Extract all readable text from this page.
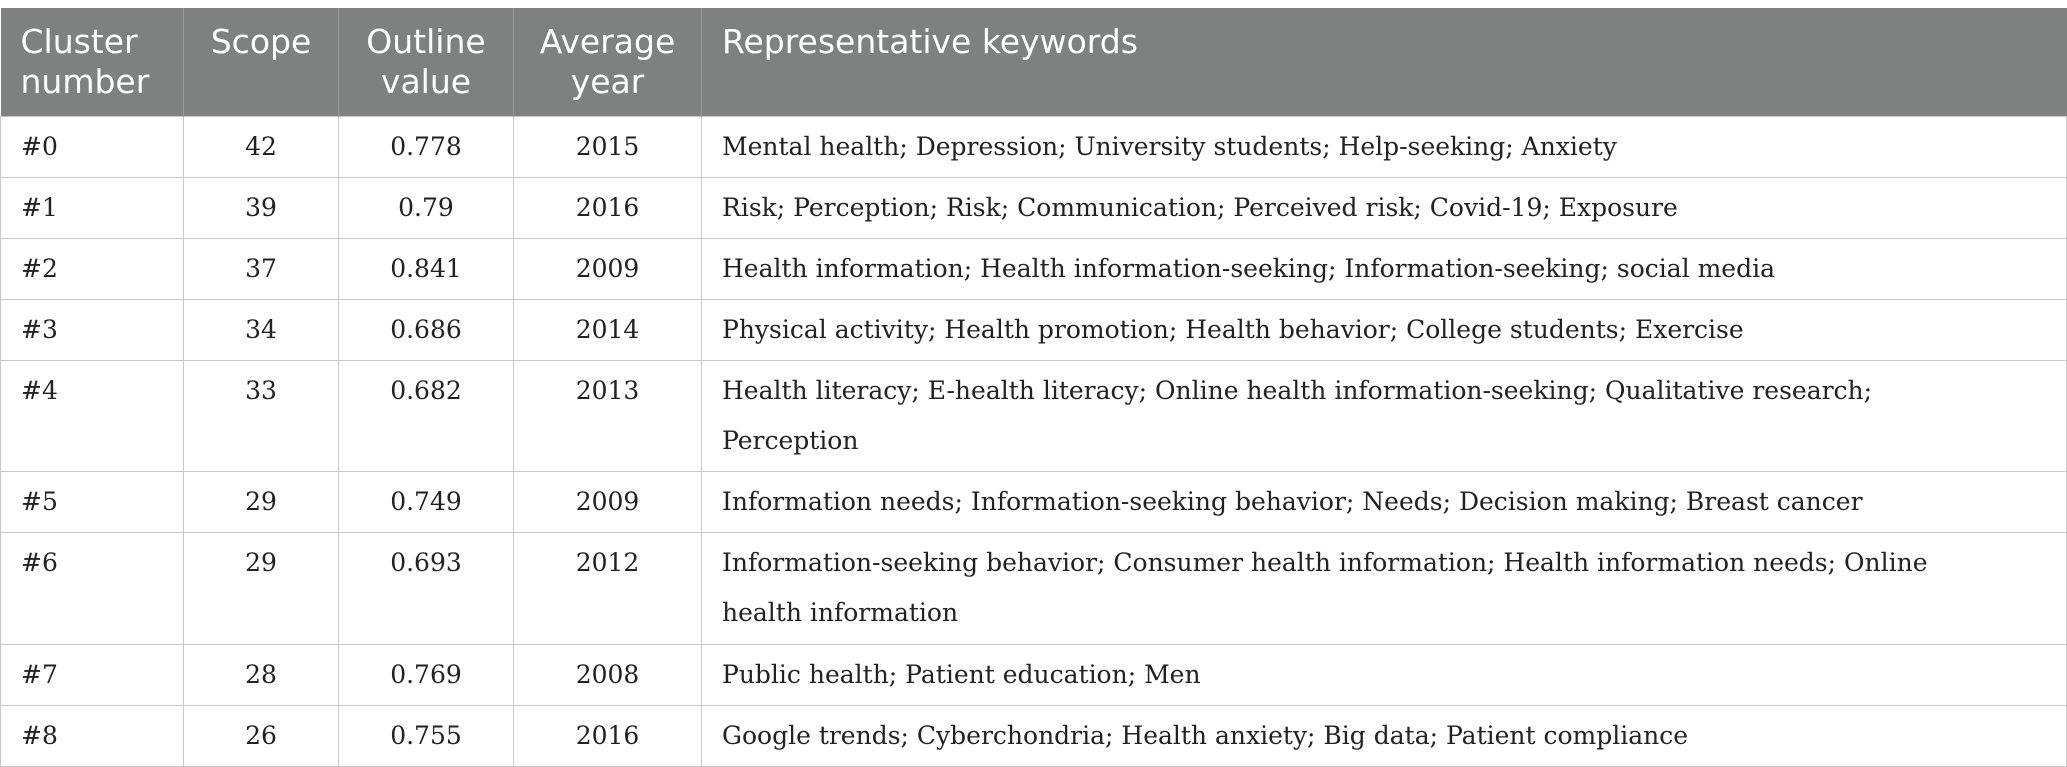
Cluster number	Scope	Outline value	Average year	Representative keywords
#0	42	0.778	2015	Mental health; Depression; University students; Help-seeking; Anxiety
#1	39	0.79	2016	Risk; Perception; Risk; Communication; Perceived risk; Covid-19; Exposure
#2	37	0.841	2009	Health information; Health information-seeking; Information-seeking; social media
#3	34	0.686	2014	Physical activity; Health promotion; Health behavior; College students; Exercise
#4	33	0.682	2013	Health literacy; E-health literacy; Online health information-seeking; Qualitative research; Perception
#5	29	0.749	2009	Information needs; Information-seeking behavior; Needs; Decision making; Breast cancer
#6	29	0.693	2012	Information-seeking behavior; Consumer health information; Health information needs; Online health information
#7	28	0.769	2008	Public health; Patient education; Men
#8	26	0.755	2016	Google trends; Cyberchondria; Health anxiety; Big data; Patient compliance
